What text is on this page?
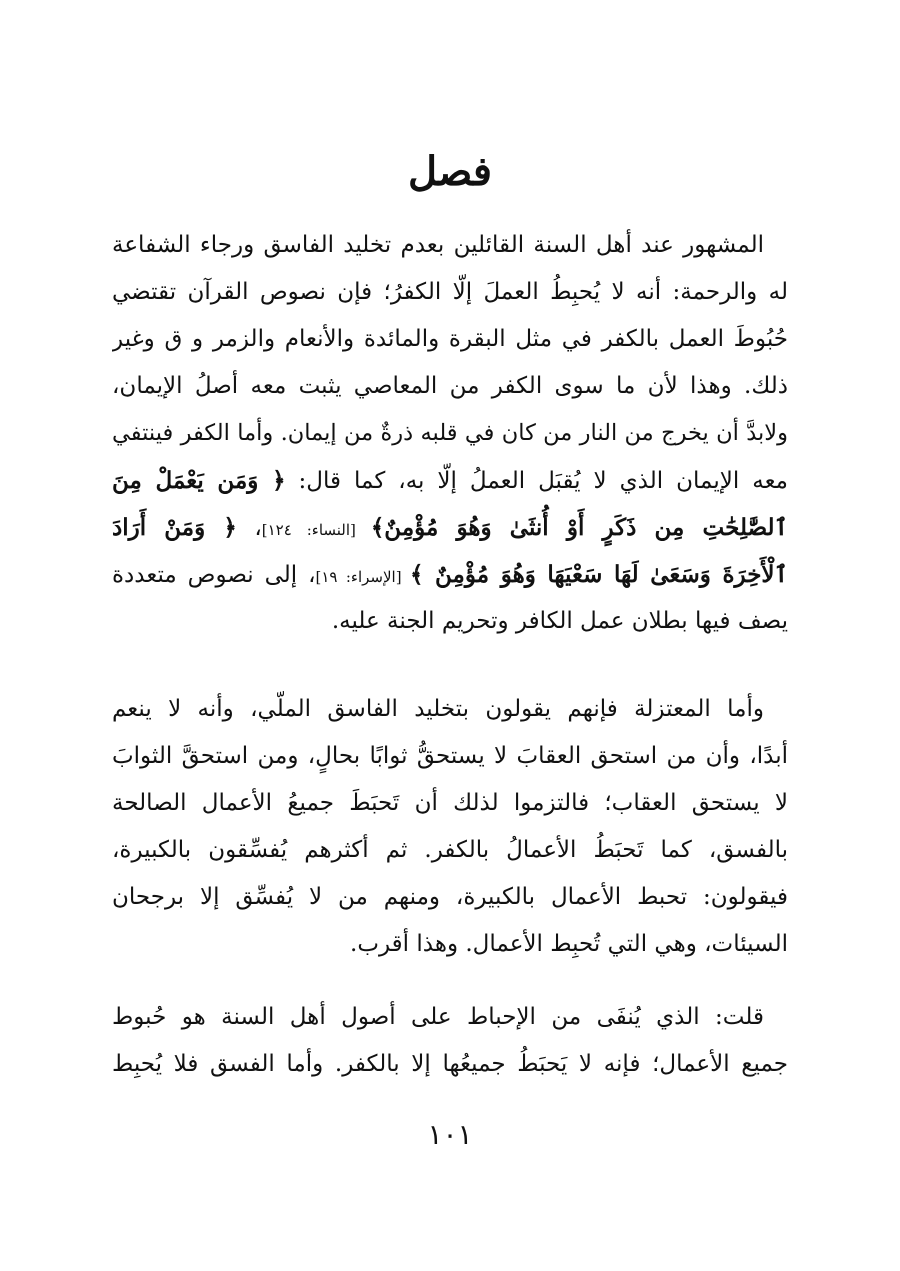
فصل
المشهور عند أهل السنة القائلين بعدم تخليد الفاسق ورجاء الشفاعة
له والرحمة: أنه لا يُحبِطُ العملَ إلّا الكفرُ؛ فإن نصوص القرآن تقتضي
حُبُوطَ العمل بالكفر في مثل البقرة والمائدة والأنعام والزمر و ق وغير
ذلك. وهذا لأن ما سوى الكفر من المعاصي يثبت معه أصلُ الإيمان،
ولابدَّ أن يخرج من النار من كان في قلبه ذرةٌ من إيمان. وأما الكفر فينتفي
معه الإيمان الذي لا يُقبَل العملُ إلّا به، كما قال: ﴿ وَمَن يَعْمَلْ مِنَ
ٱلصَّٰلِحَٰتِ مِن ذَكَرٍ أَوْ أُنثَىٰ وَهُوَ مُؤْمِنٌ﴾ [النساء: ١٢٤]، ﴿ وَمَنْ أَرَادَ
ٱلْأَخِرَةَ وَسَعَىٰ لَهَا سَعْيَهَا وَهُوَ مُؤْمِنٌ ﴾ [الإسراء: ١٩]، إلى نصوص متعددة
يصف فيها بطلان عمل الكافر وتحريم الجنة عليه.
وأما المعتزلة فإنهم يقولون بتخليد الفاسق الملّي، وأنه لا ينعم
أبدًا، وأن من استحق العقابَ لا يستحقُّ ثوابًا بحالٍ، ومن استحقَّ الثوابَ
لا يستحق العقاب؛ فالتزموا لذلك أن تَحبَطَ جميعُ الأعمال الصالحة
بالفسق، كما تَحبَطُ الأعمالُ بالكفر. ثم أكثرهم يُفسِّقون بالكبيرة،
فيقولون: تحبط الأعمال بالكبيرة، ومنهم من لا يُفسِّق إلا برجحان
السيئات، وهي التي تُحبِط الأعمال. وهذا أقرب.
قلت: الذي يُنفَى من الإحباط على أصول أهل السنة هو حُبوط
جميع الأعمال؛ فإنه لا يَحبَطُ جميعُها إلا بالكفر. وأما الفسق فلا يُحبِط
١٠١
